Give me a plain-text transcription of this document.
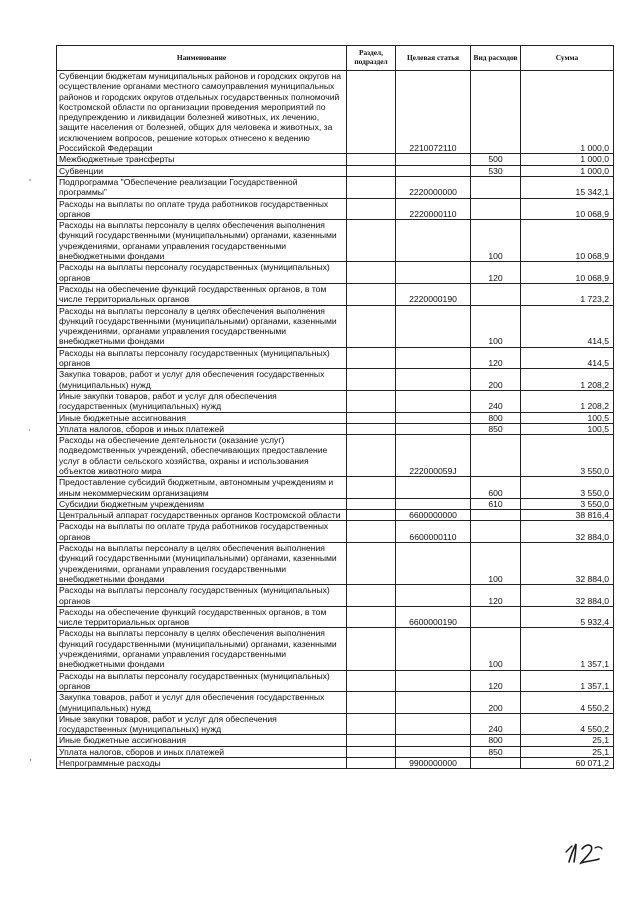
Наименование	Раздел, подраздел	Целевая статья	Вид расходов	Сумма
Субвенции бюджетам муниципальных районов и городских округов на осуществление органами местного самоуправления муниципальных районов и городских округов отдельных государственных полномочий Костромской области по организации проведения мероприятий по предупреждению и ликвидации болезней животных, их лечению, защите населения от болезней, общих для человека и животных, за исключением вопросов, решение которых отнесено к ведению Российской Федерации		2210072110		1 000,0
Межбюджетные трансферты			500	1 000,0
Субвенции			530	1 000,0
Подпрограмма "Обеспечение реализации Государственной программы"		2220000000		15 342,1
Расходы на выплаты по оплате труда работников государственных органов		2220000110		10 068,9
Расходы на выплаты персоналу в целях обеспечения выполнения функций государственными (муниципальными) органами, казенными учреждениями, органами управления государственными внебюджетными фондами			100	10 068,9
Расходы на выплаты персоналу государственных (муниципальных) органов			120	10 068,9
Расходы на обеспечение функций государственных органов, в том числе территориальных органов		2220000190		1 723,2
Расходы на выплаты персоналу в целях обеспечения выполнения функций государственными (муниципальными) органами, казенными учреждениями, органами управления государственными внебюджетными фондами			100	414,5
Расходы на выплаты персоналу государственных (муниципальных) органов			120	414,5
Закупка товаров, работ и услуг для обеспечения государственных (муниципальных) нужд			200	1 208,2
Иные закупки товаров, работ и услуг для обеспечения государственных (муниципальных) нужд			240	1 208,2
Иные бюджетные ассигнования			800	100,5
Уплата налогов, сборов и иных платежей			850	100,5
Расходы на обеспечение деятельности (оказание услуг) подведомственных учреждений, обеспечивающих предоставление услуг в области сельского хозяйства, охраны и использования объектов животного мира		222000059J		3 550,0
Предоставление субсидий бюджетным, автономным учреждениям и иным некоммерческим организациям			600	3 550,0
Субсидии бюджетным учреждениям			610	3 550,0
Центральный аппарат государственных органов Костромской области		6600000000		38 816,4
Расходы на выплаты по оплате труда работников государственных органов		6600000110		32 884,0
Расходы на выплаты персоналу в целях обеспечения выполнения функций государственными (муниципальными) органами, казенными учреждениями, органами управления государственными внебюджетными фондами			100	32 884,0
Расходы на выплаты персоналу государственных (муниципальных) органов			120	32 884,0
Расходы на обеспечение функций государственных органов, в том числе территориальных органов		6600000190		5 932,4
Расходы на выплаты персоналу в целях обеспечения выполнения функций государственными (муниципальными) органами, казенными учреждениями, органами управления государственными внебюджетными фондами			100	1 357,1
Расходы на выплаты персоналу государственных (муниципальных) органов			120	1 357,1
Закупка товаров, работ и услуг для обеспечения государственных (муниципальных) нужд			200	4 550,2
Иные закупки товаров, работ и услуг для обеспечения государственных (муниципальных) нужд			240	4 550,2
Иные бюджетные ассигнования			800	25,1
Уплата налогов, сборов и иных платежей			850	25,1
Непрограммные расходы		9900000000		60 071,2
